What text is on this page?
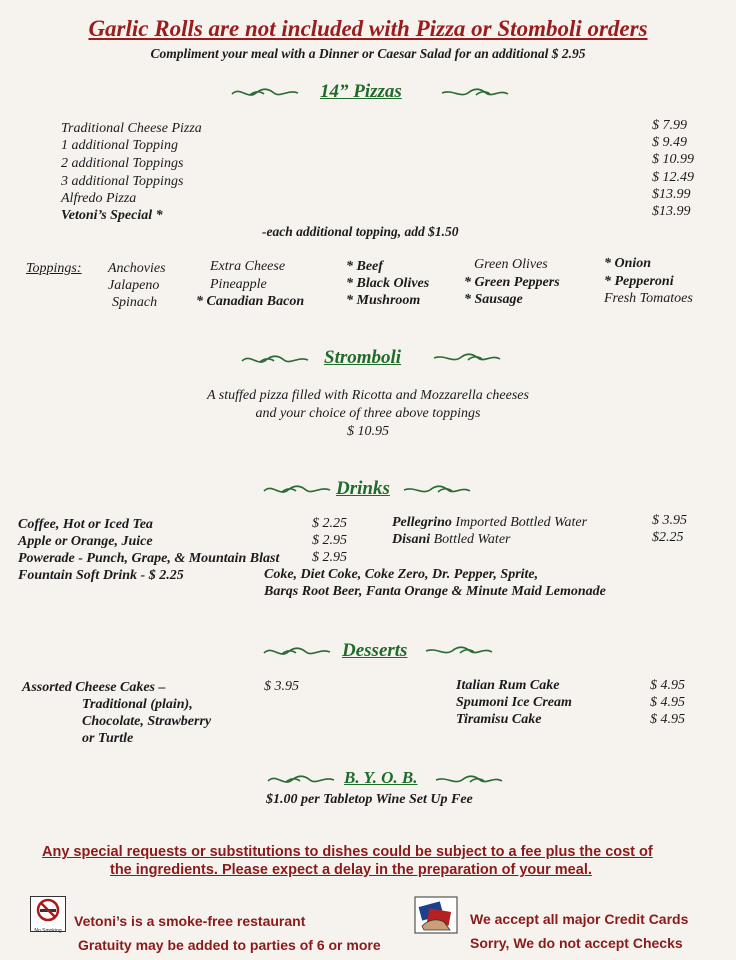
Garlic Rolls are not included with Pizza or Stomboli orders
Compliment your meal with a Dinner or Caesar Salad for an additional $ 2.95
14” Pizzas
Traditional Cheese Pizza	$ 7.99
1 additional Topping	$ 9.49
2 additional Toppings	$ 10.99
3 additional Toppings	$ 12.49
Alfredo Pizza	$13.99
Vetoni’s Special *	$13.99
-each additional topping, add $1.50
Toppings: Anchovies
Jalapeno
Spinach
Extra Cheese
Pineapple
* Canadian Bacon
* Beef
* Black Olives
* Mushroom
Green Olives
* Green Peppers
* Sausage
* Onion
* Pepperoni
Fresh Tomatoes
Stromboli
A stuffed pizza filled with Ricotta and Mozzarella cheeses
and your choice of three above toppings
$ 10.95
Drinks
Coffee, Hot or Iced Tea	$ 2.25
Apple or Orange, Juice	$ 2.95
Powerade - Punch, Grape, & Mountain Blast $ 2.95
Pellegrino Imported Bottled Water	$ 3.95
Disani Bottled Water	$2.25
Fountain Soft Drink - $ 2.25	Coke, Diet Coke, Coke Zero, Dr. Pepper, Sprite,
Barqs Root Beer, Fanta Orange & Minute Maid Lemonade
Desserts
Assorted Cheese Cakes –	$ 3.95
Traditional (plain),
Chocolate, Strawberry
or Turtle
Italian Rum Cake	$ 4.95
Spumoni Ice Cream	$ 4.95
Tiramisu Cake	$ 4.95
B. Y. O. B.
$1.00 per Tabletop Wine Set Up Fee
Any special requests or substitutions to dishes could be subject to a fee plus the cost of
the ingredients. Please expect a delay in the preparation of your meal.
No Smoking
Vetoni’s is a smoke-free restaurant
Gratuity may be added to parties of 6 or more
We accept all major Credit Cards
Sorry, We do not accept Checks
